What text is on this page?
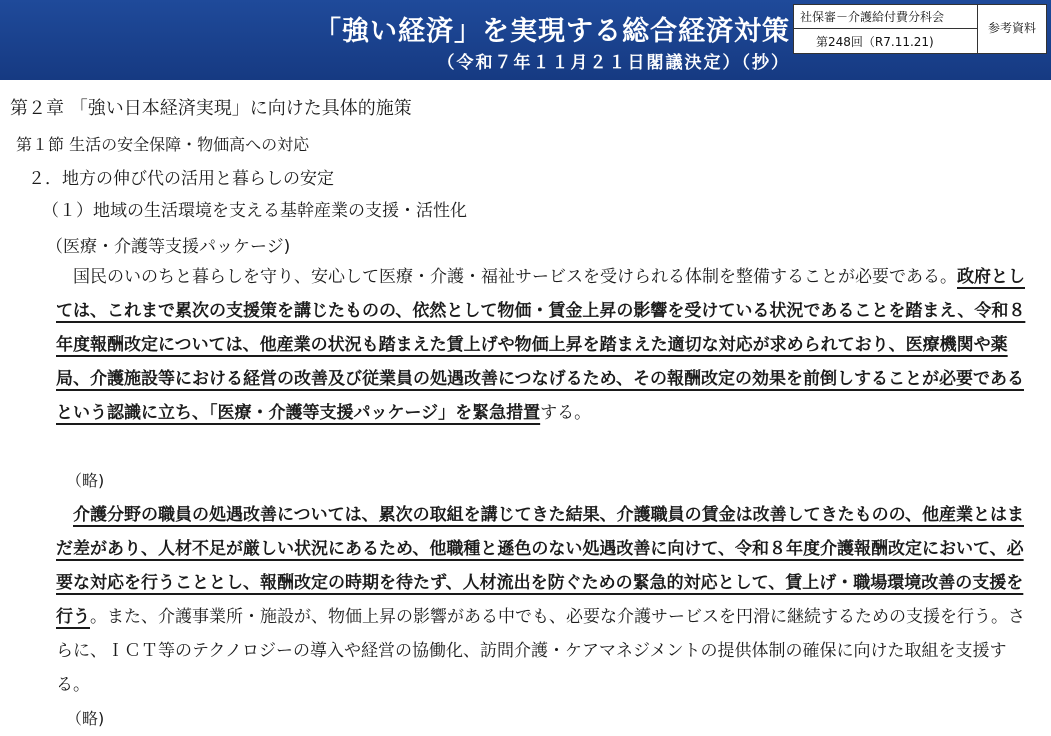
「強い経済」を実現する総合経済対策
（令和７年１１月２１日閣議決定）（抄）
社保審－介護給付費分科会
第248回（R7.11.21)
参考資料
第２章 「強い日本経済実現」に向けた具体的施策
第１節 生活の安全保障・物価高への対応
２．地方の伸び代の活用と暮らしの安定
（１）地域の生活環境を支える基幹産業の支援・活性化
（医療・介護等支援パッケージ)
国民のいのちと暮らしを守り、安心して医療・介護・福祉サービスを受けられる体制を整備することが必要である。政府としては、これまで累次の支援策を講じたものの、依然として物価・賃金上昇の影響を受けている状況であることを踏まえ、令和８年度報酬改定については、他産業の状況も踏まえた賃上げや物価上昇を踏まえた適切な対応が求められており、医療機関や薬局、介護施設等における経営の改善及び従業員の処遇改善につなげるため、その報酬改定の効果を前倒しすることが必要であるという認識に立ち、「医療・介護等支援パッケージ」を緊急措置する。
（略)
介護分野の職員の処遇改善については、累次の取組を講じてきた結果、介護職員の賃金は改善してきたものの、他産業とはまだ差があり、人材不足が厳しい状況にあるため、他職種と遜色のない処遇改善に向けて、令和８年度介護報酬改定において、必要な対応を行うこととし、報酬改定の時期を待たず、人材流出を防ぐための緊急的対応として、賃上げ・職場環境改善の支援を行う。また、介護事業所・施設が、物価上昇の影響がある中でも、必要な介護サービスを円滑に継続するための支援を行う。さらに、ＩＣＴ等のテクノロジーの導入や経営の協働化、訪問介護・ケアマネジメントの提供体制の確保に向けた取組を支援する。
（略)
